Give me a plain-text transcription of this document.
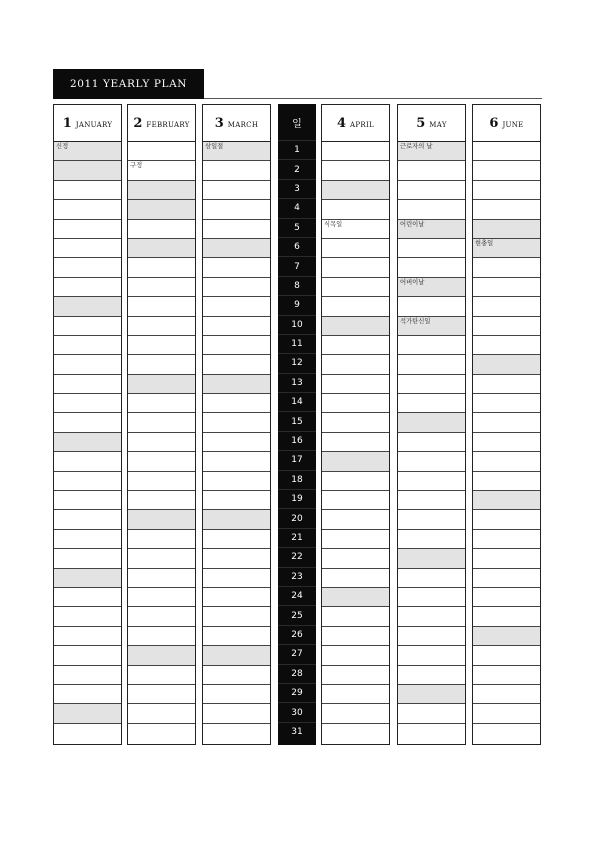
2011 YEARLY PLAN
1 JANUARY
신정
2 FEBRUARY
구정
3 MARCH
삼일절
4 APRIL
식목일
5 MAY
근로자의 날
어린이날
어버이날
석가탄신일
6 JUNE
현충일
일
1
2
3
4
5
6
7
8
9
10
11
12
13
14
15
16
17
18
19
20
21
22
23
24
25
26
27
28
29
30
31
